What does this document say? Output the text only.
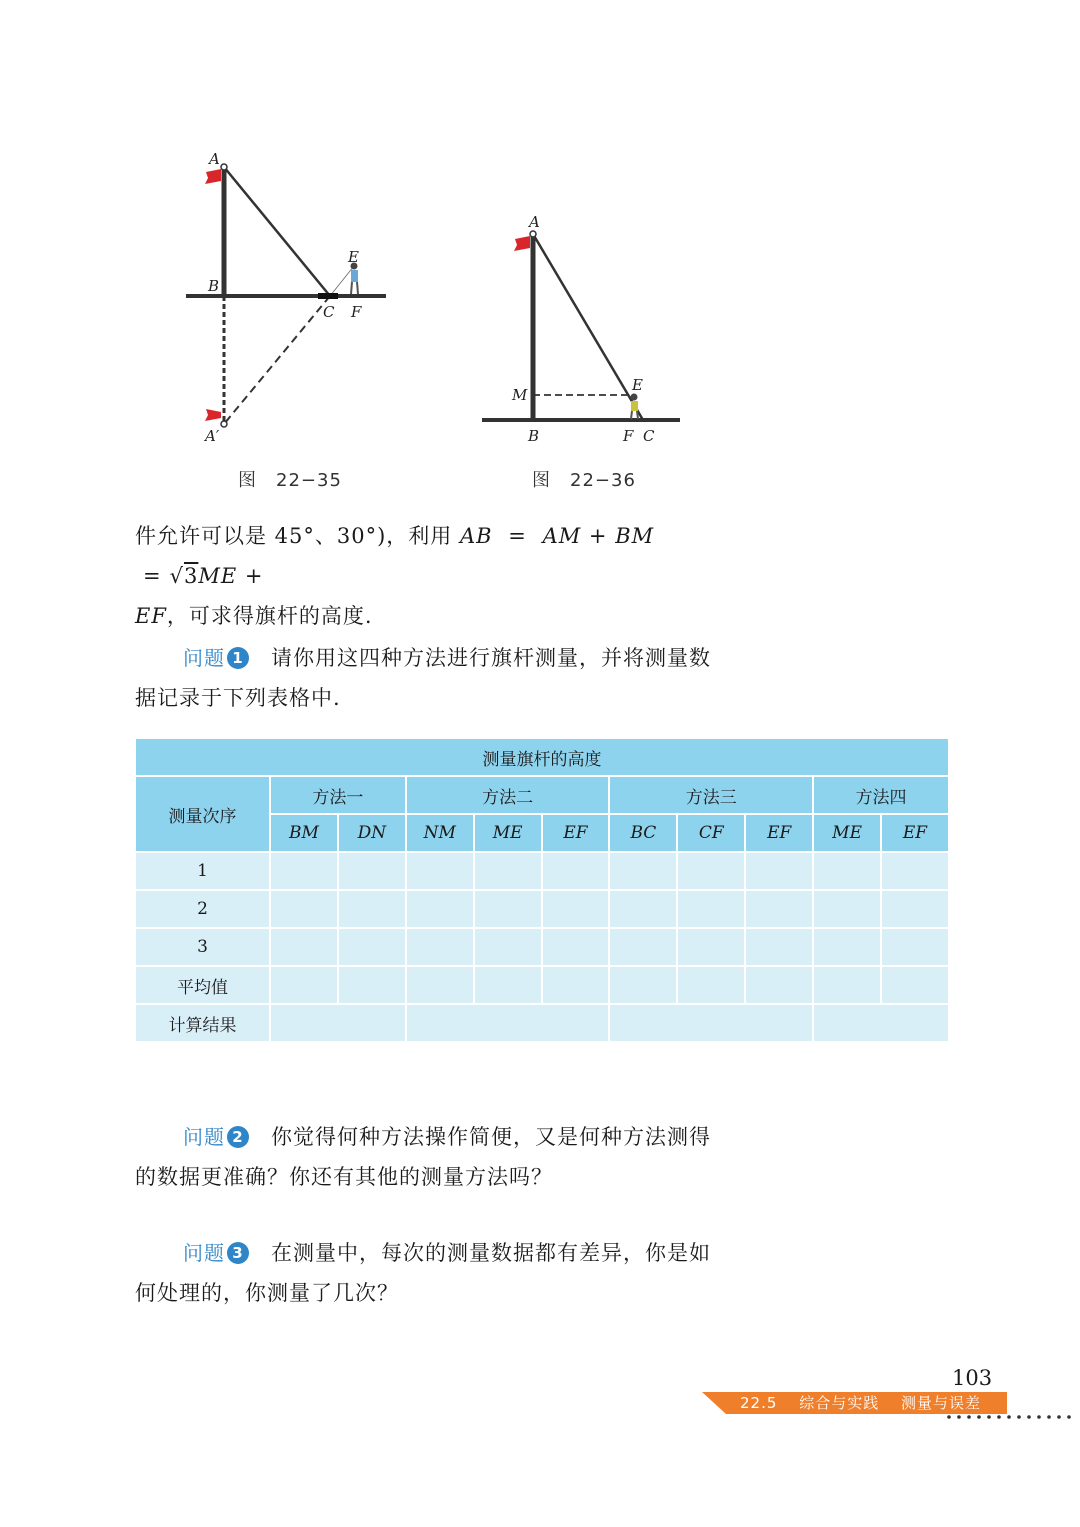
A
B
C
E
F
A′
A
M
E
B	F C
图 22−35	图 22−36
件允许可以是 45°、30°)，利用 AB = AM + BM = √3ME +
EF，可求得旗杆的高度.
问题 1 请你用这四种方法进行旗杆测量，并将测量数
据记录于下列表格中.
测量旗杆的高度										
测量次序	方法一		方法二			方法三			方法四	
	BM	DN	NM	ME	EF	BC	CF	EF	ME	EF
1										
2										
3										
平均值										
计算结果										
问题 2 你觉得何种方法操作简便，又是何种方法测得
的数据更准确？你还有其他的测量方法吗？
问题 3 在测量中，每次的测量数据都有差异，你是如
何处理的，你测量了几次？
103
22.5 综合与实践 测量与误差
